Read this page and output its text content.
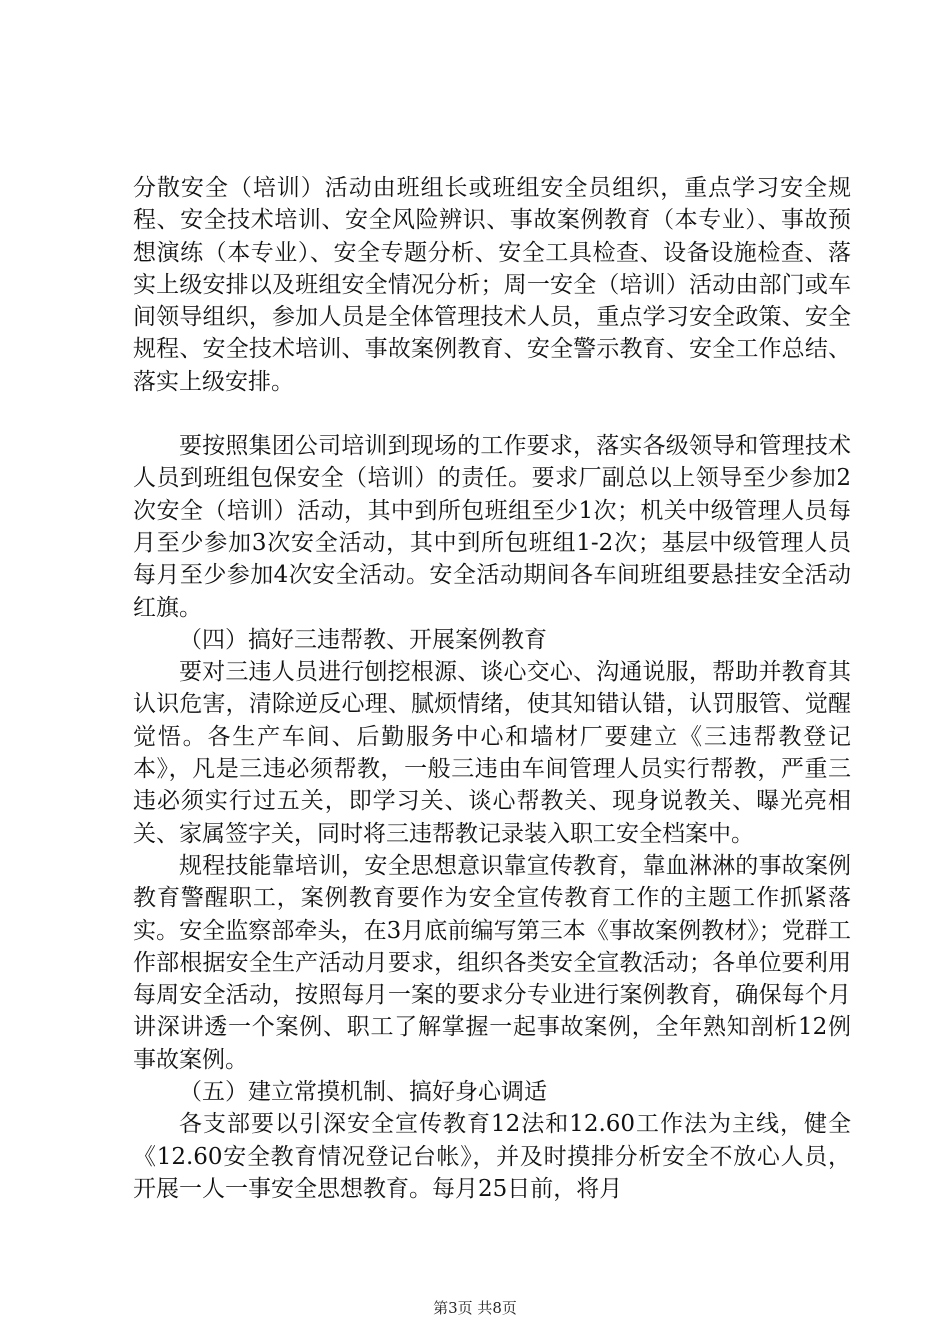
分散安全（培训）活动由班组长或班组安全员组织，重点学习安全规程、安全技术培训、安全风险辨识、事故案例教育（本专业）、事故预想演练（本专业）、安全专题分析、安全工具检查、设备设施检查、落实上级安排以及班组安全情况分析；周一安全（培训）活动由部门或车间领导组织，参加人员是全体管理技术人员，重点学习安全政策、安全规程、安全技术培训、事故案例教育、安全警示教育、安全工作总结、落实上级安排。

要按照集团公司培训到现场的工作要求，落实各级领导和管理技术人员到班组包保安全（培训）的责任。要求厂副总以上领导至少参加2次安全（培训）活动，其中到所包班组至少1次；机关中级管理人员每月至少参加3次安全活动，其中到所包班组1-2次；基层中级管理人员每月至少参加4次安全活动。安全活动期间各车间班组要悬挂安全活动红旗。

（四）搞好三违帮教、开展案例教育

要对三违人员进行刨挖根源、谈心交心、沟通说服，帮助并教育其认识危害，清除逆反心理、腻烦情绪，使其知错认错，认罚服管、觉醒觉悟。各生产车间、后勤服务中心和墙材厂要建立《三违帮教登记本》，凡是三违必须帮教，一般三违由车间管理人员实行帮教，严重三违必须实行过五关，即学习关、谈心帮教关、现身说教关、曝光亮相关、家属签字关，同时将三违帮教记录装入职工安全档案中。

规程技能靠培训，安全思想意识靠宣传教育，靠血淋淋的事故案例教育警醒职工，案例教育要作为安全宣传教育工作的主题工作抓紧落实。安全监察部牵头，在3月底前编写第三本《事故案例教材》；党群工作部根据安全生产活动月要求，组织各类安全宣教活动；各单位要利用每周安全活动，按照每月一案的要求分专业进行案例教育，确保每个月讲深讲透一个案例、职工了解掌握一起事故案例，全年熟知剖析12例事故案例。

（五）建立常摸机制、搞好身心调适

各支部要以引深安全宣传教育12法和12.60工作法为主线，健全《12.60安全教育情况登记台帐》，并及时摸排分析安全不放心人员，开展一人一事安全思想教育。每月25日前，将月

第3页 共8页
